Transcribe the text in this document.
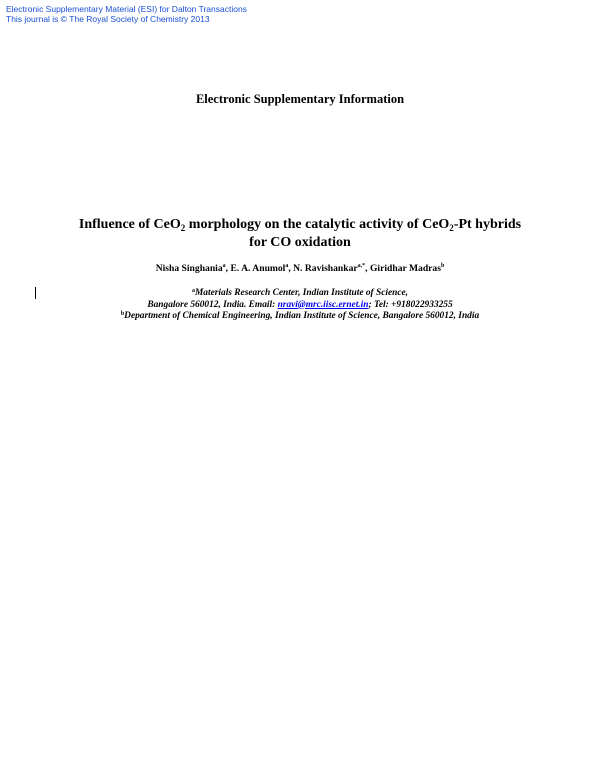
Electronic Supplementary Material (ESI) for Dalton Transactions
This journal is © The Royal Society of Chemistry 2013
Electronic Supplementary Information
Influence of CeO$_2$ morphology on the catalytic activity of CeO$_2$-Pt hybrids
for CO oxidation
Nisha Singhania$^a$, E. A. Anumol$^a$, N. Ravishankar$^{a,*}$, Giridhar Madras$^b$
$^a$Materials Research Center, Indian Institute of Science,
Bangalore 560012, India. Email: nravi@mrc.iisc.ernet.in; Tel: +918022933255
$^b$Department of Chemical Engineering, Indian Institute of Science, Bangalore 560012, India
